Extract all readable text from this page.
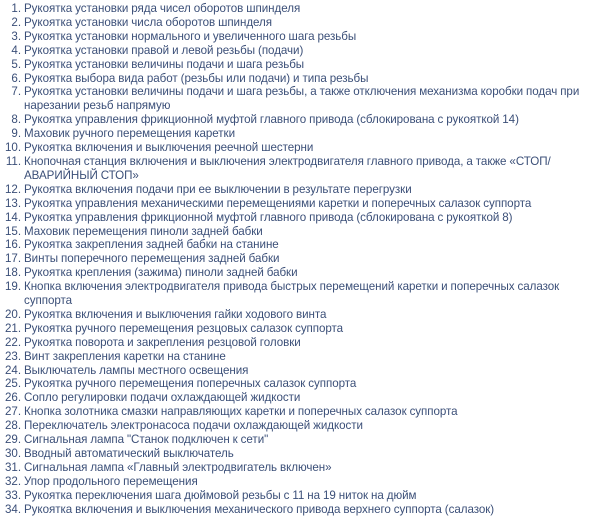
1. Рукоятка установки ряда чисел оборотов шпинделя
2. Рукоятка установки числа оборотов шпинделя
3. Рукоятка установки нормального и увеличенного шага резьбы
4. Рукоятка установки правой и левой резьбы (подачи)
5. Рукоятка установки величины подачи и шага резьбы
6. Рукоятка выбора вида работ (резьбы или подачи) и типа резьбы
7. Рукоятка установки величины подачи и шага резьбы, а также отключения механизма коробки подач при нарезании резьб напрямую
8. Рукоятка управления фрикционной муфтой главного привода (сблокирована с рукояткой 14)
9. Маховик ручного перемещения каретки
10. Рукоятка включения и выключения реечной шестерни
11. Кнопочная станция включения и выключения электродвигателя главного привода, а также «СТОП/АВАРИЙНЫЙ СТОП»
12. Рукоятка включения подачи при ее выключении в результате перегрузки
13. Рукоятка управления механическими перемещениями каретки и поперечных салазок суппорта
14. Рукоятка управления фрикционной муфтой главного привода (сблокирована с рукояткой 8)
15. Маховик перемещения пиноли задней бабки
16. Рукоятка закрепления задней бабки на станине
17. Винты поперечного перемещения задней бабки
18. Рукоятка крепления (зажима) пиноли задней бабки
19. Кнопка включения электродвигателя привода быстрых перемещений каретки и поперечных салазок суппорта
20. Рукоятка включения и выключения гайки ходового винта
21. Рукоятка ручного перемещения резцовых салазок суппорта
22. Рукоятка поворота и закрепления резцовой головки
23. Винт закрепления каретки на станине
24. Выключатель лампы местного освещения
25. Рукоятка ручного перемещения поперечных салазок суппорта
26. Сопло регулировки подачи охлаждающей жидкости
27. Кнопка золотника смазки направляющих каретки и поперечных салазок суппорта
28. Переключатель электронасоса подачи охлаждающей жидкости
29. Сигнальная лампа "Станок подключен к сети"
30. Вводный автоматический выключатель
31. Сигнальная лампа «Главный электродвигатель включен»
32. Упор продольного перемещения
33. Рукоятка переключения шага дюймовой резьбы с 11 на 19 ниток на дюйм
34. Рукоятка включения и выключения механического привода верхнего суппорта (салазок)
